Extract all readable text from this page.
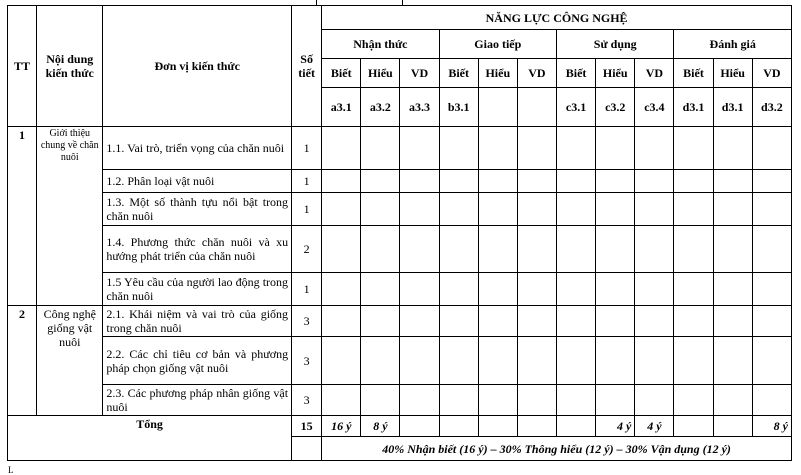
TT	Nội dung kiến thức	Đơn vị kiến thức	Số tiết	NĂNG LỰC CÔNG NGHỆ											
				Nhận thức			Giao tiếp			Sử dụng			Đánh giá		
				Biết	Hiểu	VD	Biết	Hiểu	VD	Biết	Hiểu	VD	Biết	Hiểu	VD
				a3.1	a3.2	a3.3	b3.1			c3.1	c3.2	c3.4	d3.1	d3.1	d3.2
1	Giới thiệu chung về chăn nuôi	1.1. Vai trò, triển vọng của chăn nuôi	1												
		1.2. Phân loại vật nuôi	1												
		1.3. Một số thành tựu nổi bật trong chăn nuôi	1												
		1.4. Phương thức chăn nuôi và xu hướng phát triển của chăn nuôi	2												
		1.5 Yêu cầu của người lao động trong chăn nuôi	1												
2	Công nghệ giống vật nuôi	2.1. Khái niệm và vai trò của giống trong chăn nuôi	3												
		2.2. Các chỉ tiêu cơ bản và phương pháp chọn giống vật nuôi	3												
		2.3. Các phương pháp nhân giống vật nuôi	3												
Tổng			15	16 ý	8 ý						4 ý	4 ý			8 ý
				40% Nhận biết (16 ý) – 30% Thông hiểu (12 ý) – 30% Vận dụng (12 ý)											
L
